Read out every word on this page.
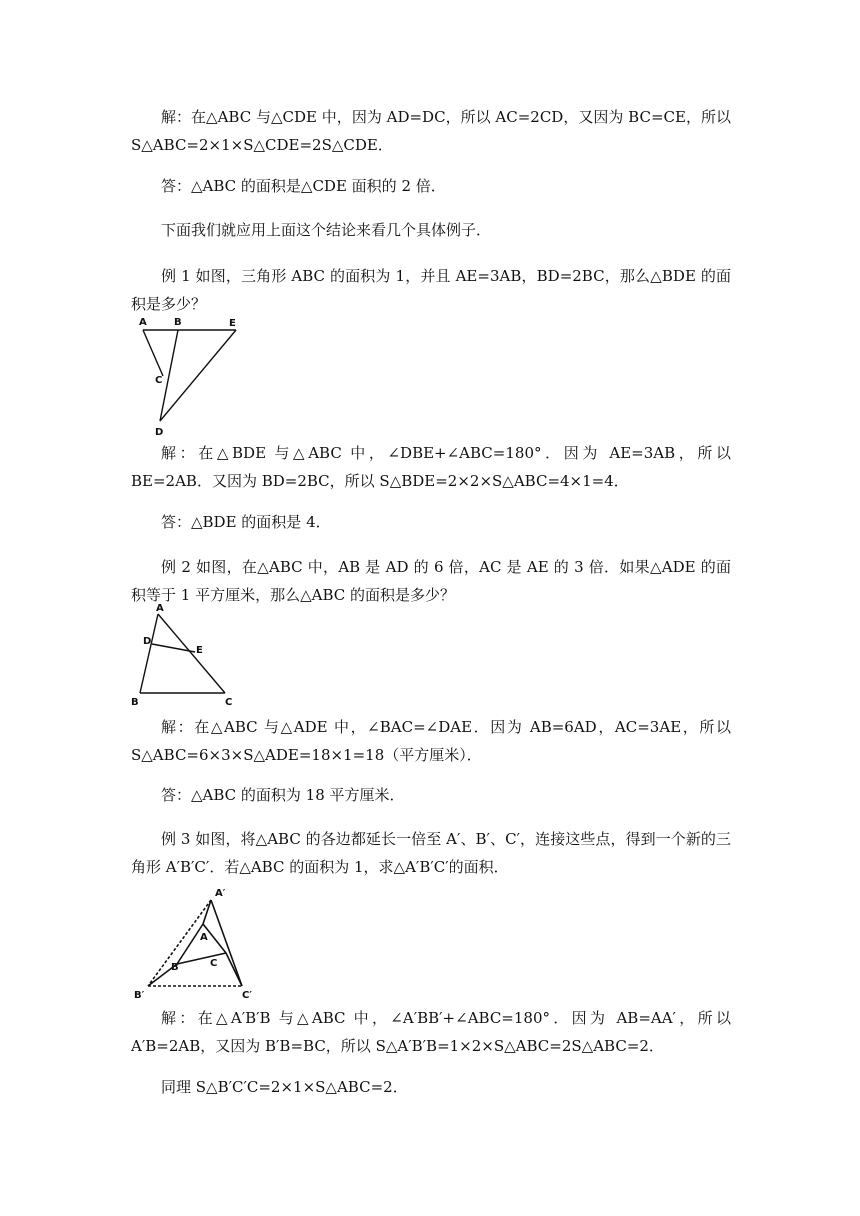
解：在△ABC 与△CDE 中，因为 AD=DC，所以 AC=2CD，又因为 BC=CE，所以 S△ABC=2×1×S△CDE=2S△CDE．

答：△ABC 的面积是△CDE 面积的 2 倍．

下面我们就应用上面这个结论来看几个具体例子．

例 1 如图，三角形 ABC 的面积为 1，并且 AE=3AB，BD=2BC，那么△BDE 的面积是多少？

A	B	E
C
D

解：在△BDE 与△ABC 中，∠DBE+∠ABC=180°．因为 AE=3AB，所以 BE=2AB．又因为 BD=2BC，所以 S△BDE=2×2×S△ABC=4×1=4．

答：△BDE 的面积是 4．

例 2 如图，在△ABC 中，AB 是 AD 的 6 倍，AC 是 AE 的 3 倍．如果△ADE 的面积等于 1 平方厘米，那么△ABC 的面积是多少？

A
D
E
B	C

解：在△ABC 与△ADE 中，∠BAC=∠DAE．因为 AB=6AD，AC=3AE，所以 S△ABC=6×3×S△ADE=18×1=18（平方厘米）．

答：△ABC 的面积为 18 平方厘米．

例 3 如图，将△ABC 的各边都延长一倍至 A′、B′、C′，连接这些点，得到一个新的三角形 A′B′C′．若△ABC 的面积为 1，求△A′B′C′的面积．

A′
A
B	C
B′	C′

解：在△A′B′B 与△ABC 中，∠A′BB′+∠ABC=180°．因为 AB=AA′，所以 A′B=2AB，又因为 B′B=BC，所以 S△A′B′B=1×2×S△ABC=2S△ABC=2．

同理 S△B′C′C=2×1×S△ABC=2．
